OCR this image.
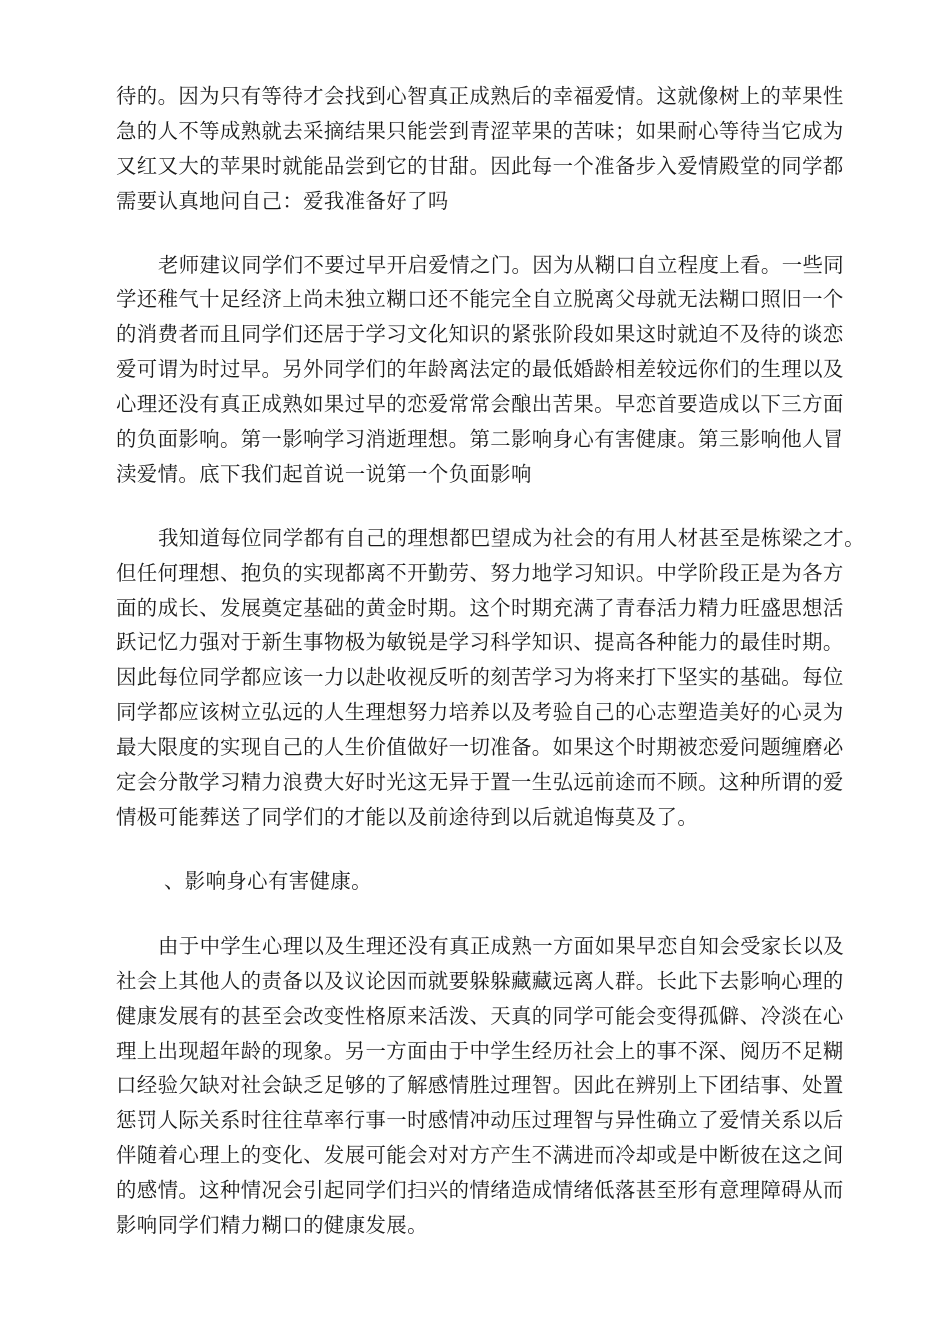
待的。因为只有等待才会找到心智真正成熟后的幸福爱情。这就像树上的苹果性
急的人不等成熟就去采摘结果只能尝到青涩苹果的苦味；如果耐心等待当它成为
又红又大的苹果时就能品尝到它的甘甜。因此每一个准备步入爱情殿堂的同学都
需要认真地问自己：爱我准备好了吗
老师建议同学们不要过早开启爱情之门。因为从糊口自立程度上看。一些同
学还稚气十足经济上尚未独立糊口还不能完全自立脱离父母就无法糊口照旧一个
的消费者而且同学们还居于学习文化知识的紧张阶段如果这时就迫不及待的谈恋
爱可谓为时过早。另外同学们的年龄离法定的最低婚龄相差较远你们的生理以及
心理还没有真正成熟如果过早的恋爱常常会酿出苦果。早恋首要造成以下三方面
的负面影响。第一影响学习消逝理想。第二影响身心有害健康。第三影响他人冒
渎爱情。底下我们起首说一说第一个负面影响
我知道每位同学都有自己的理想都巴望成为社会的有用人材甚至是栋梁之才。
但任何理想、抱负的实现都离不开勤劳、努力地学习知识。中学阶段正是为各方
面的成长、发展奠定基础的黄金时期。这个时期充满了青春活力精力旺盛思想活
跃记忆力强对于新生事物极为敏锐是学习科学知识、提高各种能力的最佳时期。
因此每位同学都应该一力以赴收视反听的刻苦学习为将来打下坚实的基础。每位
同学都应该树立弘远的人生理想努力培养以及考验自己的心志塑造美好的心灵为
最大限度的实现自己的人生价值做好一切准备。如果这个时期被恋爱问题缠磨必
定会分散学习精力浪费大好时光这无异于置一生弘远前途而不顾。这种所谓的爱
情极可能葬送了同学们的才能以及前途待到以后就追悔莫及了。
、影响身心有害健康。
由于中学生心理以及生理还没有真正成熟一方面如果早恋自知会受家长以及
社会上其他人的责备以及议论因而就要躲躲藏藏远离人群。长此下去影响心理的
健康发展有的甚至会改变性格原来活泼、天真的同学可能会变得孤僻、冷淡在心
理上出现超年龄的现象。另一方面由于中学生经历社会上的事不深、阅历不足糊
口经验欠缺对社会缺乏足够的了解感情胜过理智。因此在辨别上下团结事、处置
惩罚人际关系时往往草率行事一时感情冲动压过理智与异性确立了爱情关系以后
伴随着心理上的变化、发展可能会对对方产生不满进而冷却或是中断彼在这之间
的感情。这种情况会引起同学们扫兴的情绪造成情绪低落甚至形有意理障碍从而
影响同学们精力糊口的健康发展。
